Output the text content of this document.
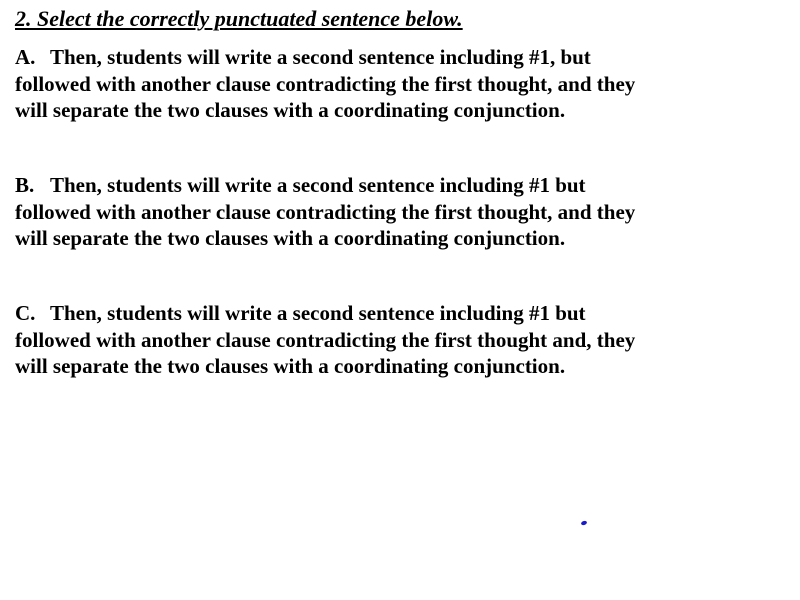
2. Select the correctly punctuated sentence below.
A. Then, students will write a second sentence including #1, but
followed with another clause contradicting the first thought, and they
will separate the two clauses with a coordinating conjunction.
B. Then, students will write a second sentence including #1 but
followed with another clause contradicting the first thought, and they
will separate the two clauses with a coordinating conjunction.
C. Then, students will write a second sentence including #1 but
followed with another clause contradicting the first thought and, they
will separate the two clauses with a coordinating conjunction.
